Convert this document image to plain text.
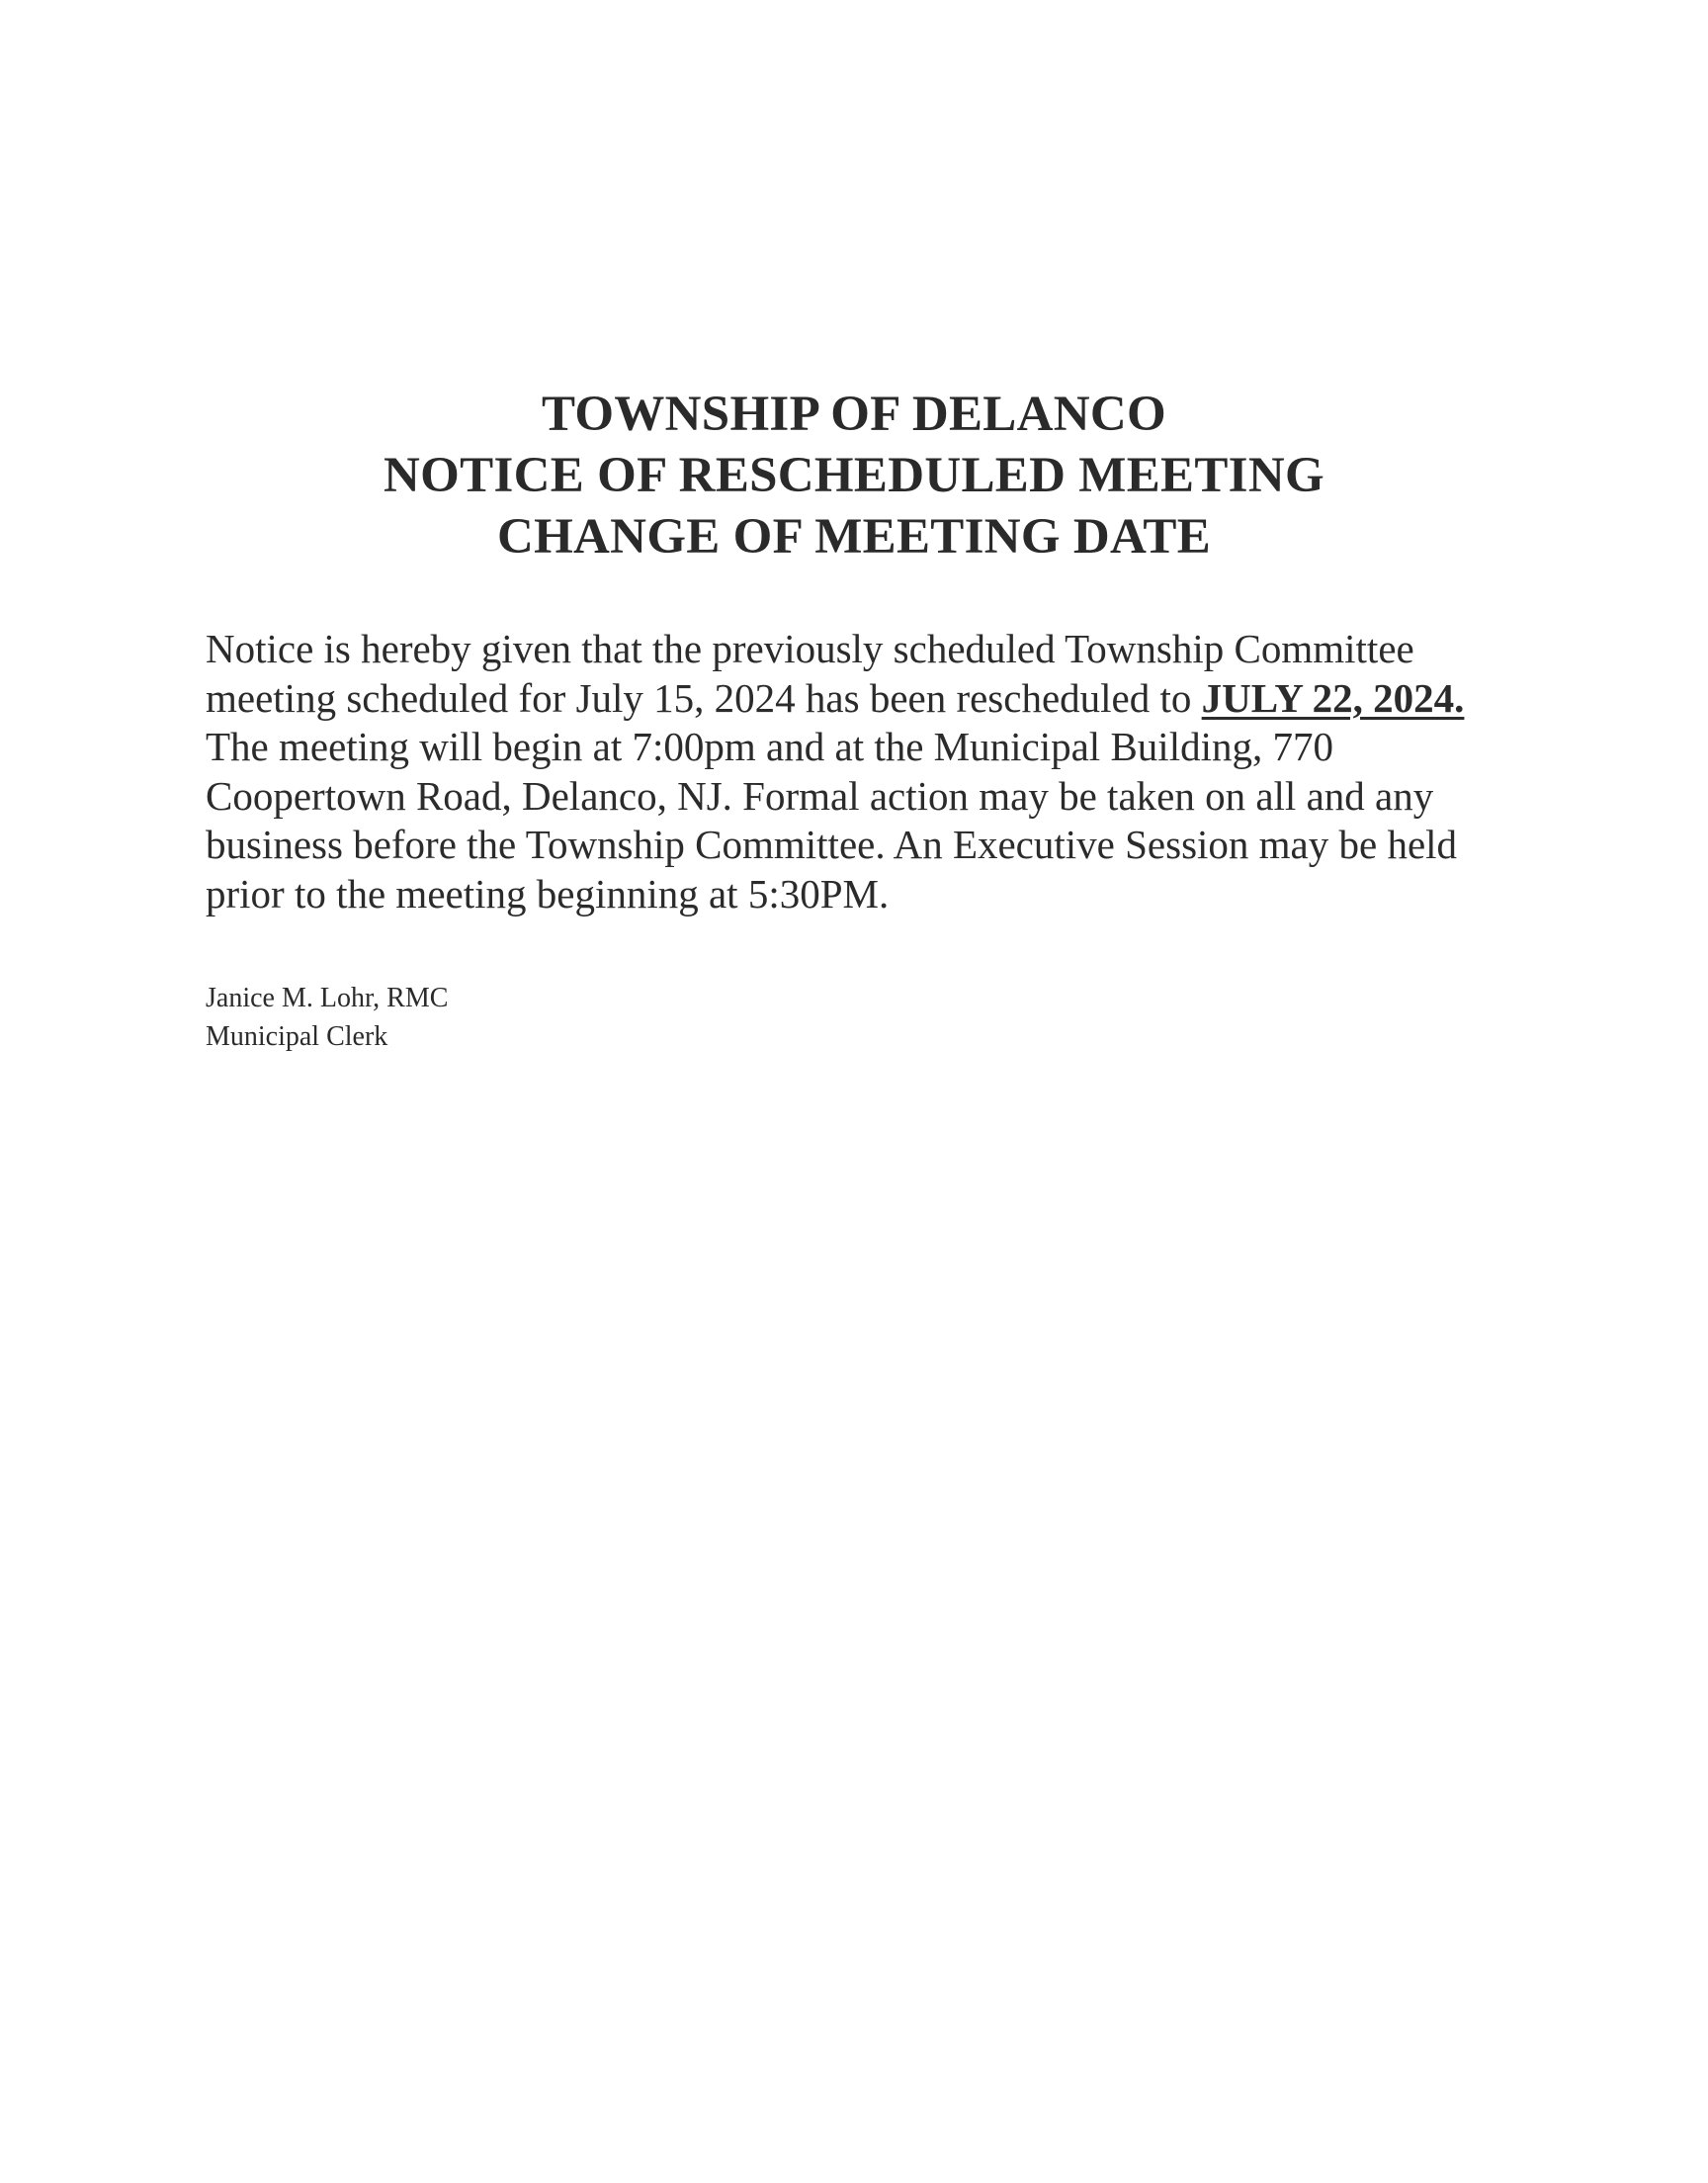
TOWNSHIP OF DELANCO
NOTICE OF RESCHEDULED MEETING
CHANGE OF MEETING DATE
Notice is hereby given that the previously scheduled Township Committee meeting scheduled for July 15, 2024 has been rescheduled to JULY 22, 2024. The meeting will begin at 7:00pm and at the Municipal Building, 770 Coopertown Road, Delanco, NJ. Formal action may be taken on all and any business before the Township Committee. An Executive Session may be held prior to the meeting beginning at 5:30PM.
Janice M. Lohr, RMC
Municipal Clerk
